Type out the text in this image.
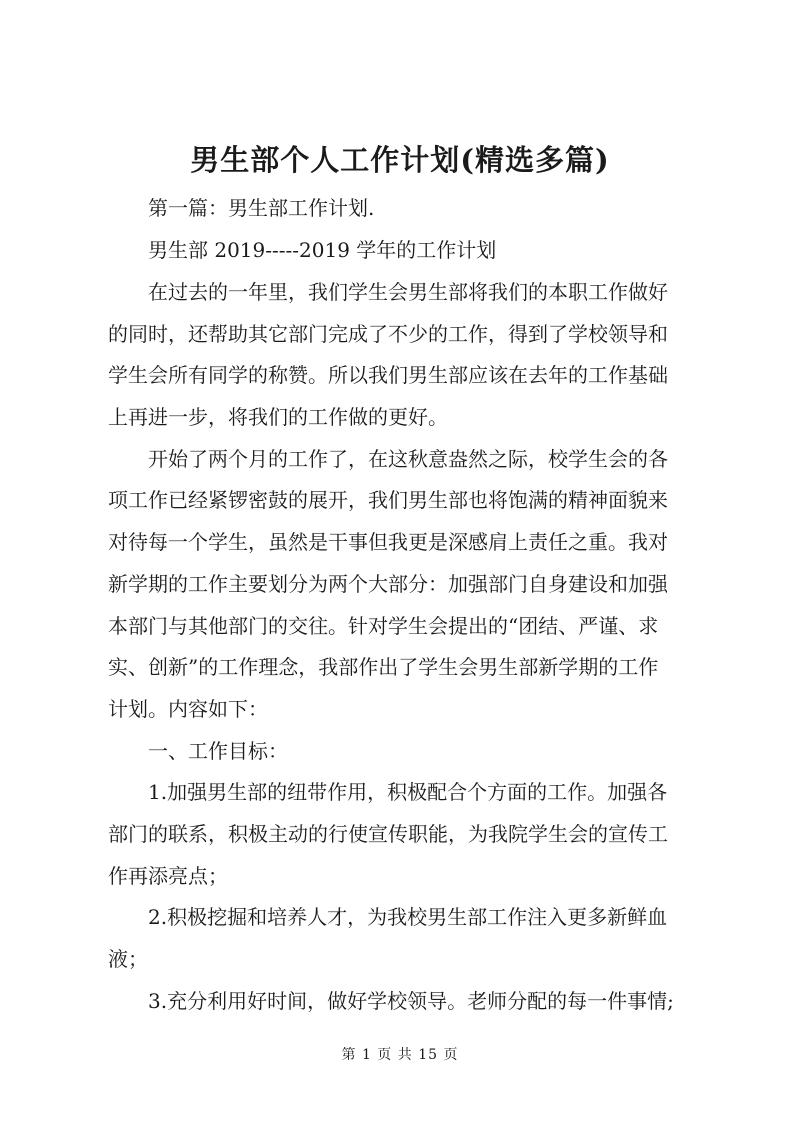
男生部个人工作计划(精选多篇)
第一篇：男生部工作计划.
男生部 2019-----2019 学年的工作计划
在过去的一年里，我们学生会男生部将我们的本职工作做好
的同时，还帮助其它部门完成了不少的工作，得到了学校领导和
学生会所有同学的称赞。所以我们男生部应该在去年的工作基础
上再进一步，将我们的工作做的更好。
开始了两个月的工作了，在这秋意盎然之际，校学生会的各
项工作已经紧锣密鼓的展开，我们男生部也将饱满的精神面貌来
对待每一个学生，虽然是干事但我更是深感肩上责任之重。我对
新学期的工作主要划分为两个大部分：加强部门自身建设和加强
本部门与其他部门的交往。针对学生会提出的“团结、严谨、求
实、创新”的工作理念，我部作出了学生会男生部新学期的工作
计划。内容如下：
一、工作目标：
1.加强男生部的纽带作用，积极配合个方面的工作。加强各
部门的联系，积极主动的行使宣传职能，为我院学生会的宣传工
作再添亮点；
2.积极挖掘和培养人才，为我校男生部工作注入更多新鲜血
液；
3.充分利用好时间，做好学校领导。老师分配的每一件事情;
第 1 页 共 15 页
